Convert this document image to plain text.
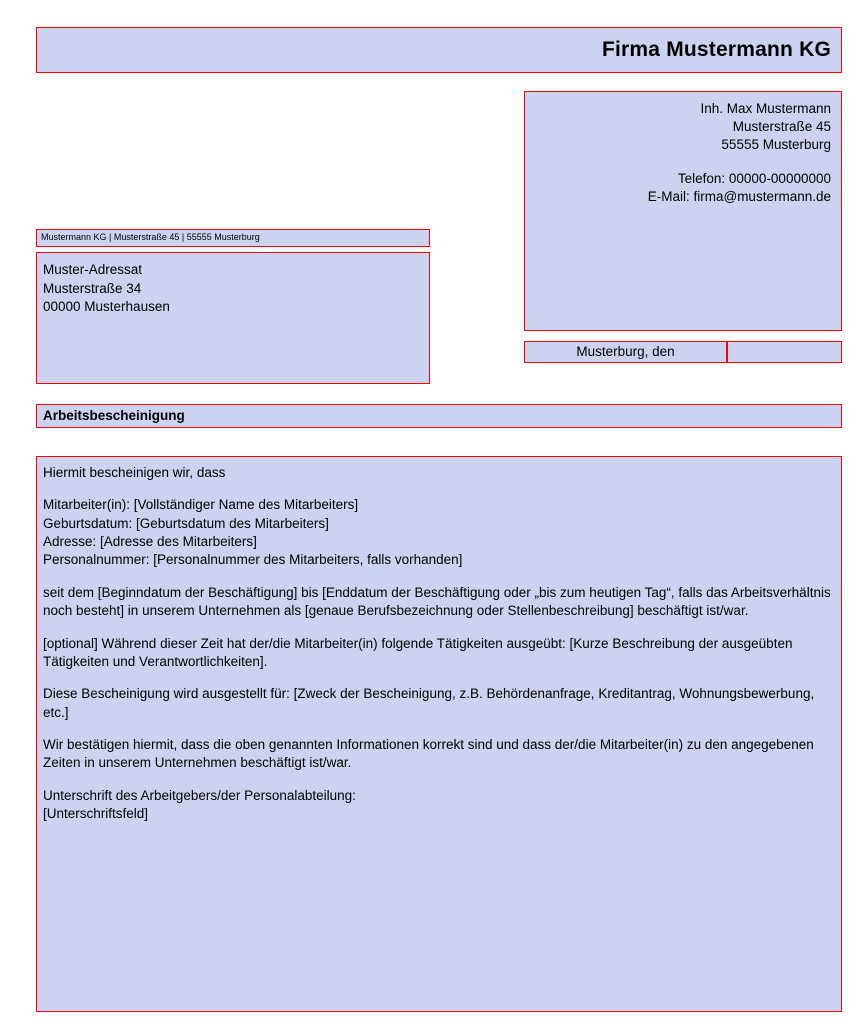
Firma Mustermann KG
Inh. Max Mustermann
Musterstraße 45
55555 Musterburg
Telefon: 00000-00000000
E-Mail: firma@mustermann.de
Mustermann KG | Musterstraße 45 | 55555 Musterburg
Muster-Adressat
Musterstraße 34
00000 Musterhausen
Musterburg, den
Arbeitsbescheinigung

Hiermit bescheinigen wir, dass

Mitarbeiter(in): [Vollständiger Name des Mitarbeiters]
Geburtsdatum: [Geburtsdatum des Mitarbeiters]
Adresse: [Adresse des Mitarbeiters]
Personalnummer: [Personalnummer des Mitarbeiters, falls vorhanden]

seit dem [Beginndatum der Beschäftigung] bis [Enddatum der Beschäftigung oder „bis zum heutigen Tag“, falls das Arbeitsverhältnis noch besteht] in unserem Unternehmen als [genaue Berufsbezeichnung oder Stellenbeschreibung] beschäftigt ist/war.

[optional] Während dieser Zeit hat der/die Mitarbeiter(in) folgende Tätigkeiten ausgeübt: [Kurze Beschreibung der ausgeübten Tätigkeiten und Verantwortlichkeiten].

Diese Bescheinigung wird ausgestellt für: [Zweck der Bescheinigung, z.B. Behördenanfrage, Kreditantrag, Wohnungsbewerbung, etc.]

Wir bestätigen hiermit, dass die oben genannten Informationen korrekt sind und dass der/die Mitarbeiter(in) zu den angegebenen Zeiten in unserem Unternehmen beschäftigt ist/war.

Unterschrift des Arbeitgebers/der Personalabteilung:
[Unterschriftsfeld]
